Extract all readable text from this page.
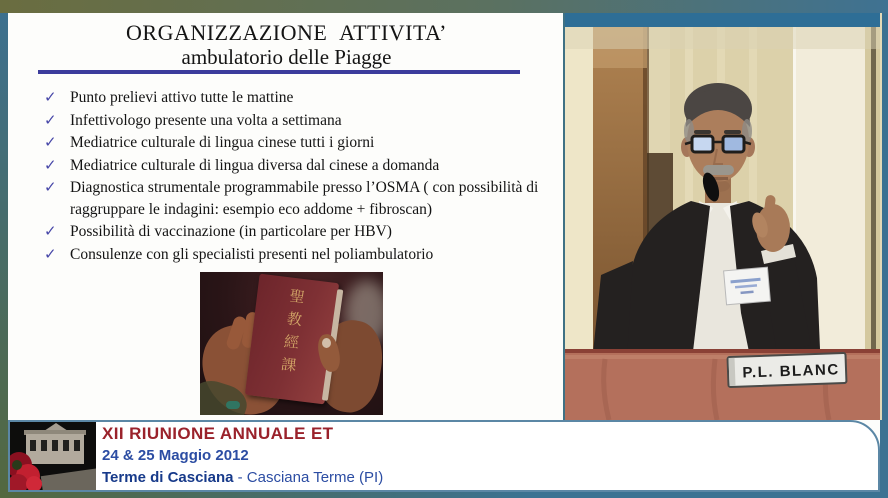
ORGANIZZAZIONE ATTIVITA’
ambulatorio delle Piagge
✓ Punto prelievi attivo tutte le mattine
✓ Infettivologo presente una volta a settimana
✓ Mediatrice culturale di lingua cinese tutti i giorni
✓ Mediatrice culturale di lingua diversa dal cinese a domanda
✓ Diagnostica strumentale programmabile presso l’OSMA ( con possibilità di raggruppare le indagini: esempio eco addome + fibroscan)
✓ Possibilità di vaccinazione (in particolare per HBV)
✓ Consulenze con gli specialisti presenti nel poliambulatorio
聖教經課	P.L. BLANC
XII RIUNIONE ANNUALE ET
24 & 25 Maggio 2012
Terme di Casciana - Casciana Terme (PI)
